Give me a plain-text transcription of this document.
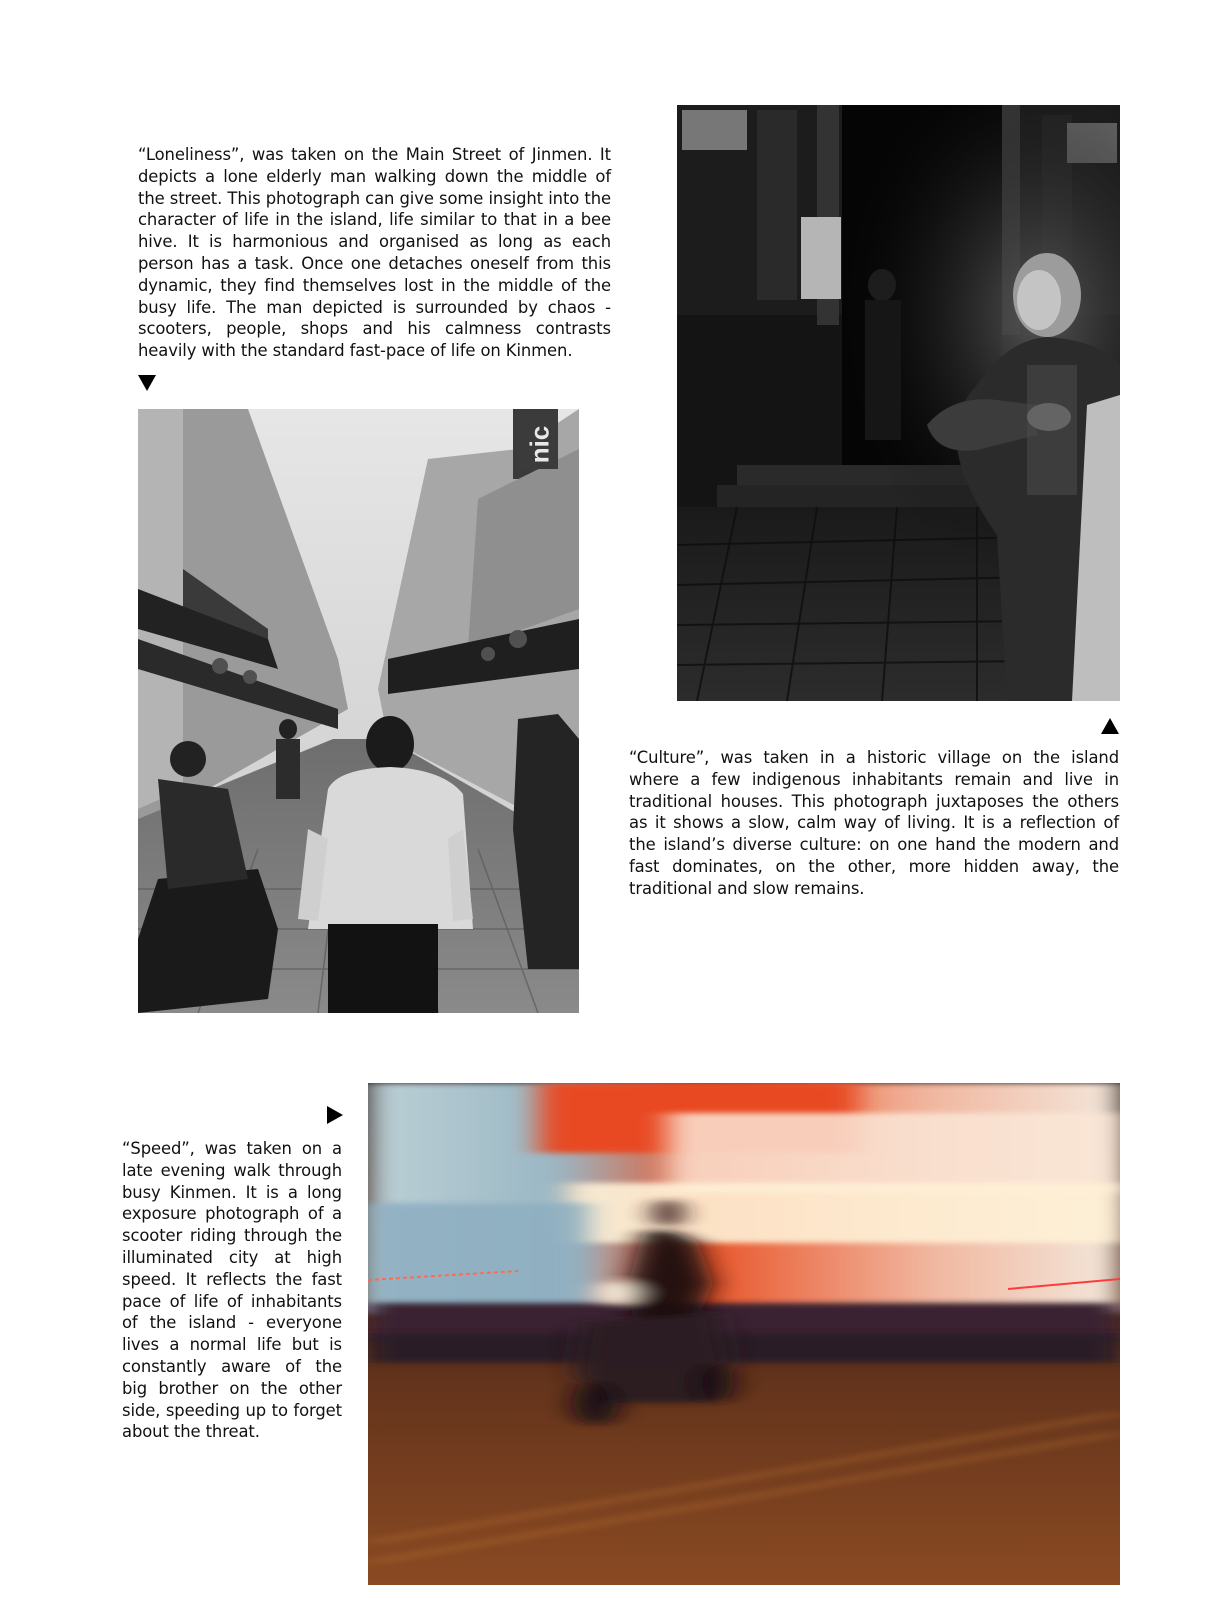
“Loneliness”, was taken on the Main Street of Jinmen. It depicts a lone elderly man walking down the middle of the street. This photograph can give some insight into the character of life in the island, life similar to that in a bee hive. It is harmonious and organised as long as each person has a task. Once one detaches oneself from this dynamic, they find themselves lost in the middle of the busy life. The man depicted is surrounded by chaos - scooters, people, shops and his calmness contrasts heavily with the standard fast-pace of life on Kinmen.

“Culture”, was taken in a historic village on the island where a few indigenous inhabitants remain and live in traditional houses. This photograph juxtaposes the others as it shows a slow, calm way of living. It is a reflection of the island’s diverse culture: on one hand the modern and fast dominates, on the other, more hidden away, the traditional and slow remains.

nic

“Speed”, was taken on a late evening walk through busy Kinmen. It is a long exposure photograph of a scooter riding through the illuminated city at high speed. It reflects the fast pace of life of inhabitants of the island - everyone lives a normal life but is constantly aware of the big brother on the other side, speeding up to forget about the threat.
